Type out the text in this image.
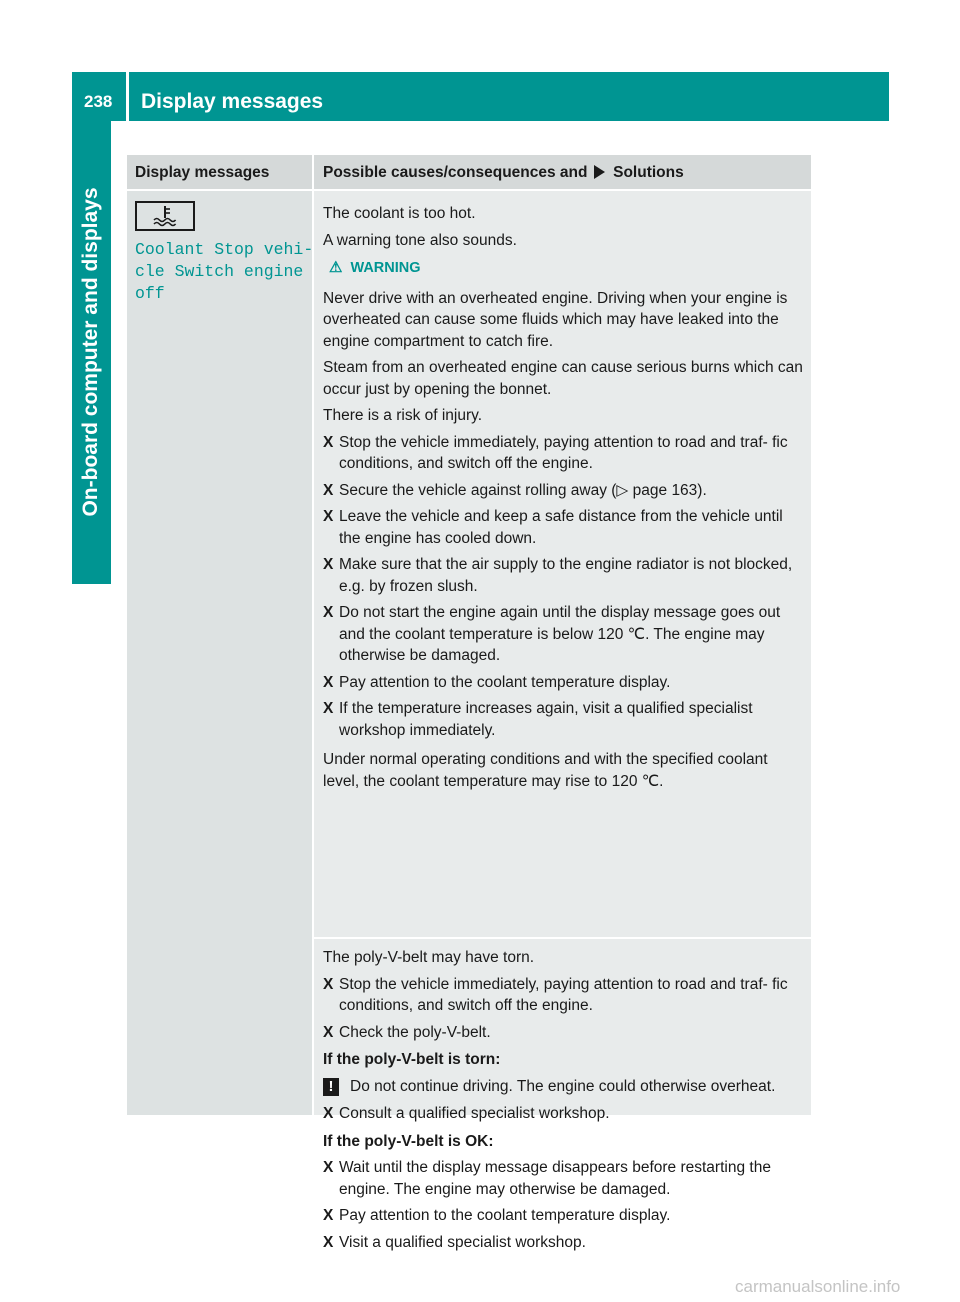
238 Display messages
On-board computer and displays
Display messages	Possible causes/consequences and Solutions
Coolant Stop vehi‐
cle Switch engine
off

The coolant is too hot.

A warning tone also sounds.

⚠ WARNING

Never drive with an overheated engine. Driving when your engine is overheated can cause some fluids which may have leaked into the engine compartment to catch fire.

Steam from an overheated engine can cause serious burns which can occur just by opening the bonnet.

There is a risk of injury.

X Stop the vehicle immediately, paying attention to road and traf- fic conditions, and switch off the engine.
X Secure the vehicle against rolling away (▷ page 163).
X Leave the vehicle and keep a safe distance from the vehicle until the engine has cooled down.
X Make sure that the air supply to the engine radiator is not blocked, e.g. by frozen slush.
X Do not start the engine again until the display message goes out and the coolant temperature is below 120 ℃. The engine may otherwise be damaged.
X Pay attention to the coolant temperature display.
X If the temperature increases again, visit a qualified specialist workshop immediately.

Under normal operating conditions and with the specified coolant level, the coolant temperature may rise to 120 ℃.

The poly-V-belt may have torn.

X Stop the vehicle immediately, paying attention to road and traf- fic conditions, and switch off the engine.
X Check the poly-V-belt.

If the poly-V-belt is torn:

!	Do not continue driving. The engine could otherwise overheat.
X Consult a qualified specialist workshop.

If the poly-V-belt is OK:

X Wait until the display message disappears before restarting the engine. The engine may otherwise be damaged.
X Pay attention to the coolant temperature display.
X Visit a qualified specialist workshop.
carmanualsonline.info
